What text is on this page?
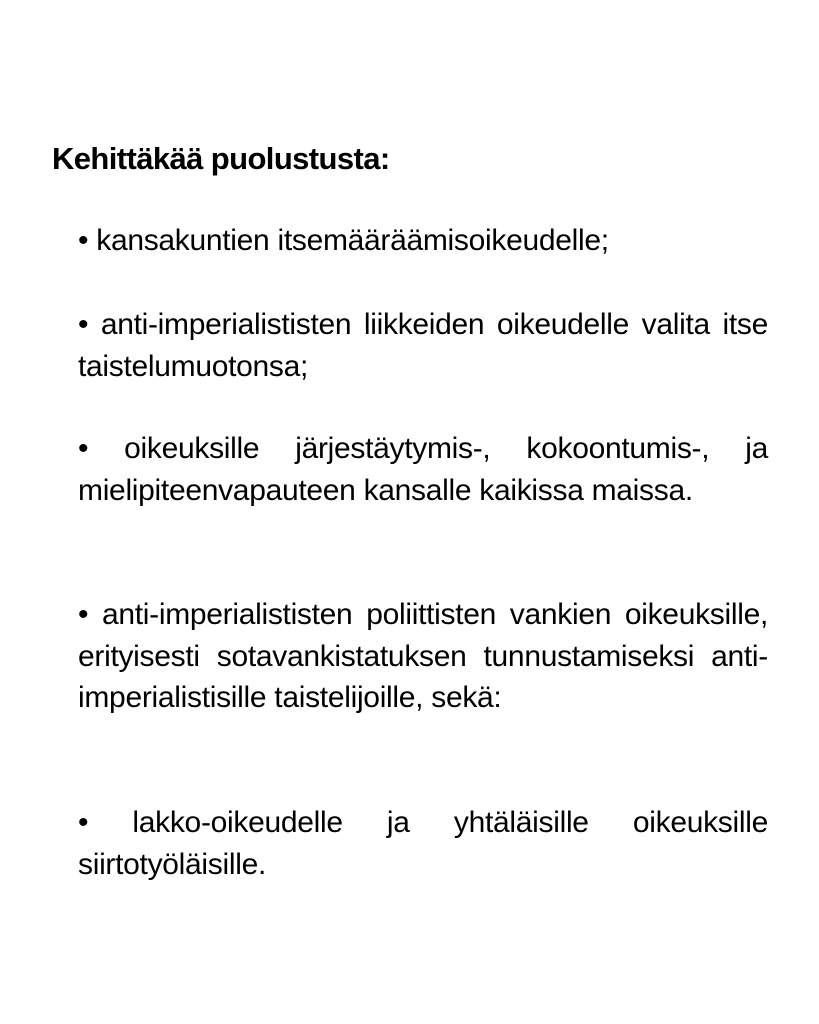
Kehittäkää puolustusta:

• kansakuntien itsemääräämisoikeudelle;

• anti-imperialististen liikkeiden oikeudelle valita itse taistelumuotonsa;

• oikeuksille järjestäytymis-, kokoontumis-, ja mielipiteenvapauteen kansalle kaikissa maissa.

• anti-imperialististen poliittisten vankien oikeuksille, erityisesti sotavankistatuksen tunnustamiseksi anti-imperialistisille taistelijoille, sekä:

• lakko-oikeudelle ja yhtäläisille oikeuksille siirtotyöläisille.
